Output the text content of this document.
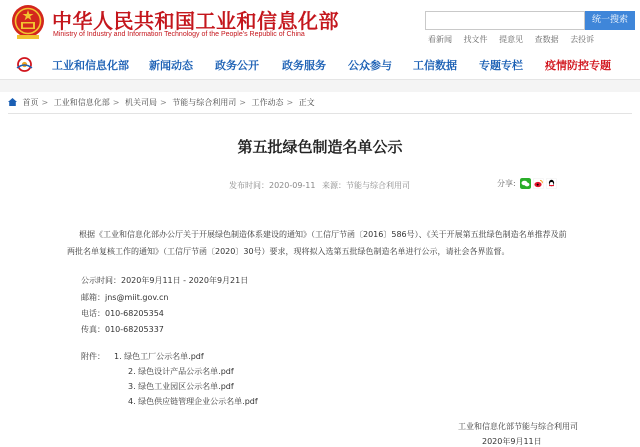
中华人民共和国工业和信息化部
Ministry of Industry and Information Technology of the People's Republic of China
统一搜索
看新闻 找文件 提意见 查数据 去投诉
工业和信息化部 新闻动态 政务公开 政务服务 公众参与 工信数据 专题专栏 疫情防控专题
首页 > 工业和信息化部 > 机关司局 > 节能与综合利用司 > 工作动态 > 正文
第五批绿色制造名单公示
发布时间：2020-09-11 来源：节能与综合利用司	分享:
根据《工业和信息化部办公厅关于开展绿色制造体系建设的通知》（工信厅节函〔2016〕586号）、《关于开展第五批绿色制造名单推荐及前
两批名单复核工作的通知》（工信厅节函〔2020〕30号）要求，现将拟入选第五批绿色制造名单进行公示，请社会各界监督。
公示时间：2020年9月11日 - 2020年9月21日
邮箱：jns@miit.gov.cn
电话：010-68205354
传真：010-68205337
附件： 1. 绿色工厂公示名单.pdf
2. 绿色设计产品公示名单.pdf
3. 绿色工业园区公示名单.pdf
4. 绿色供应链管理企业公示名单.pdf
工业和信息化部节能与综合利用司
2020年9月11日
